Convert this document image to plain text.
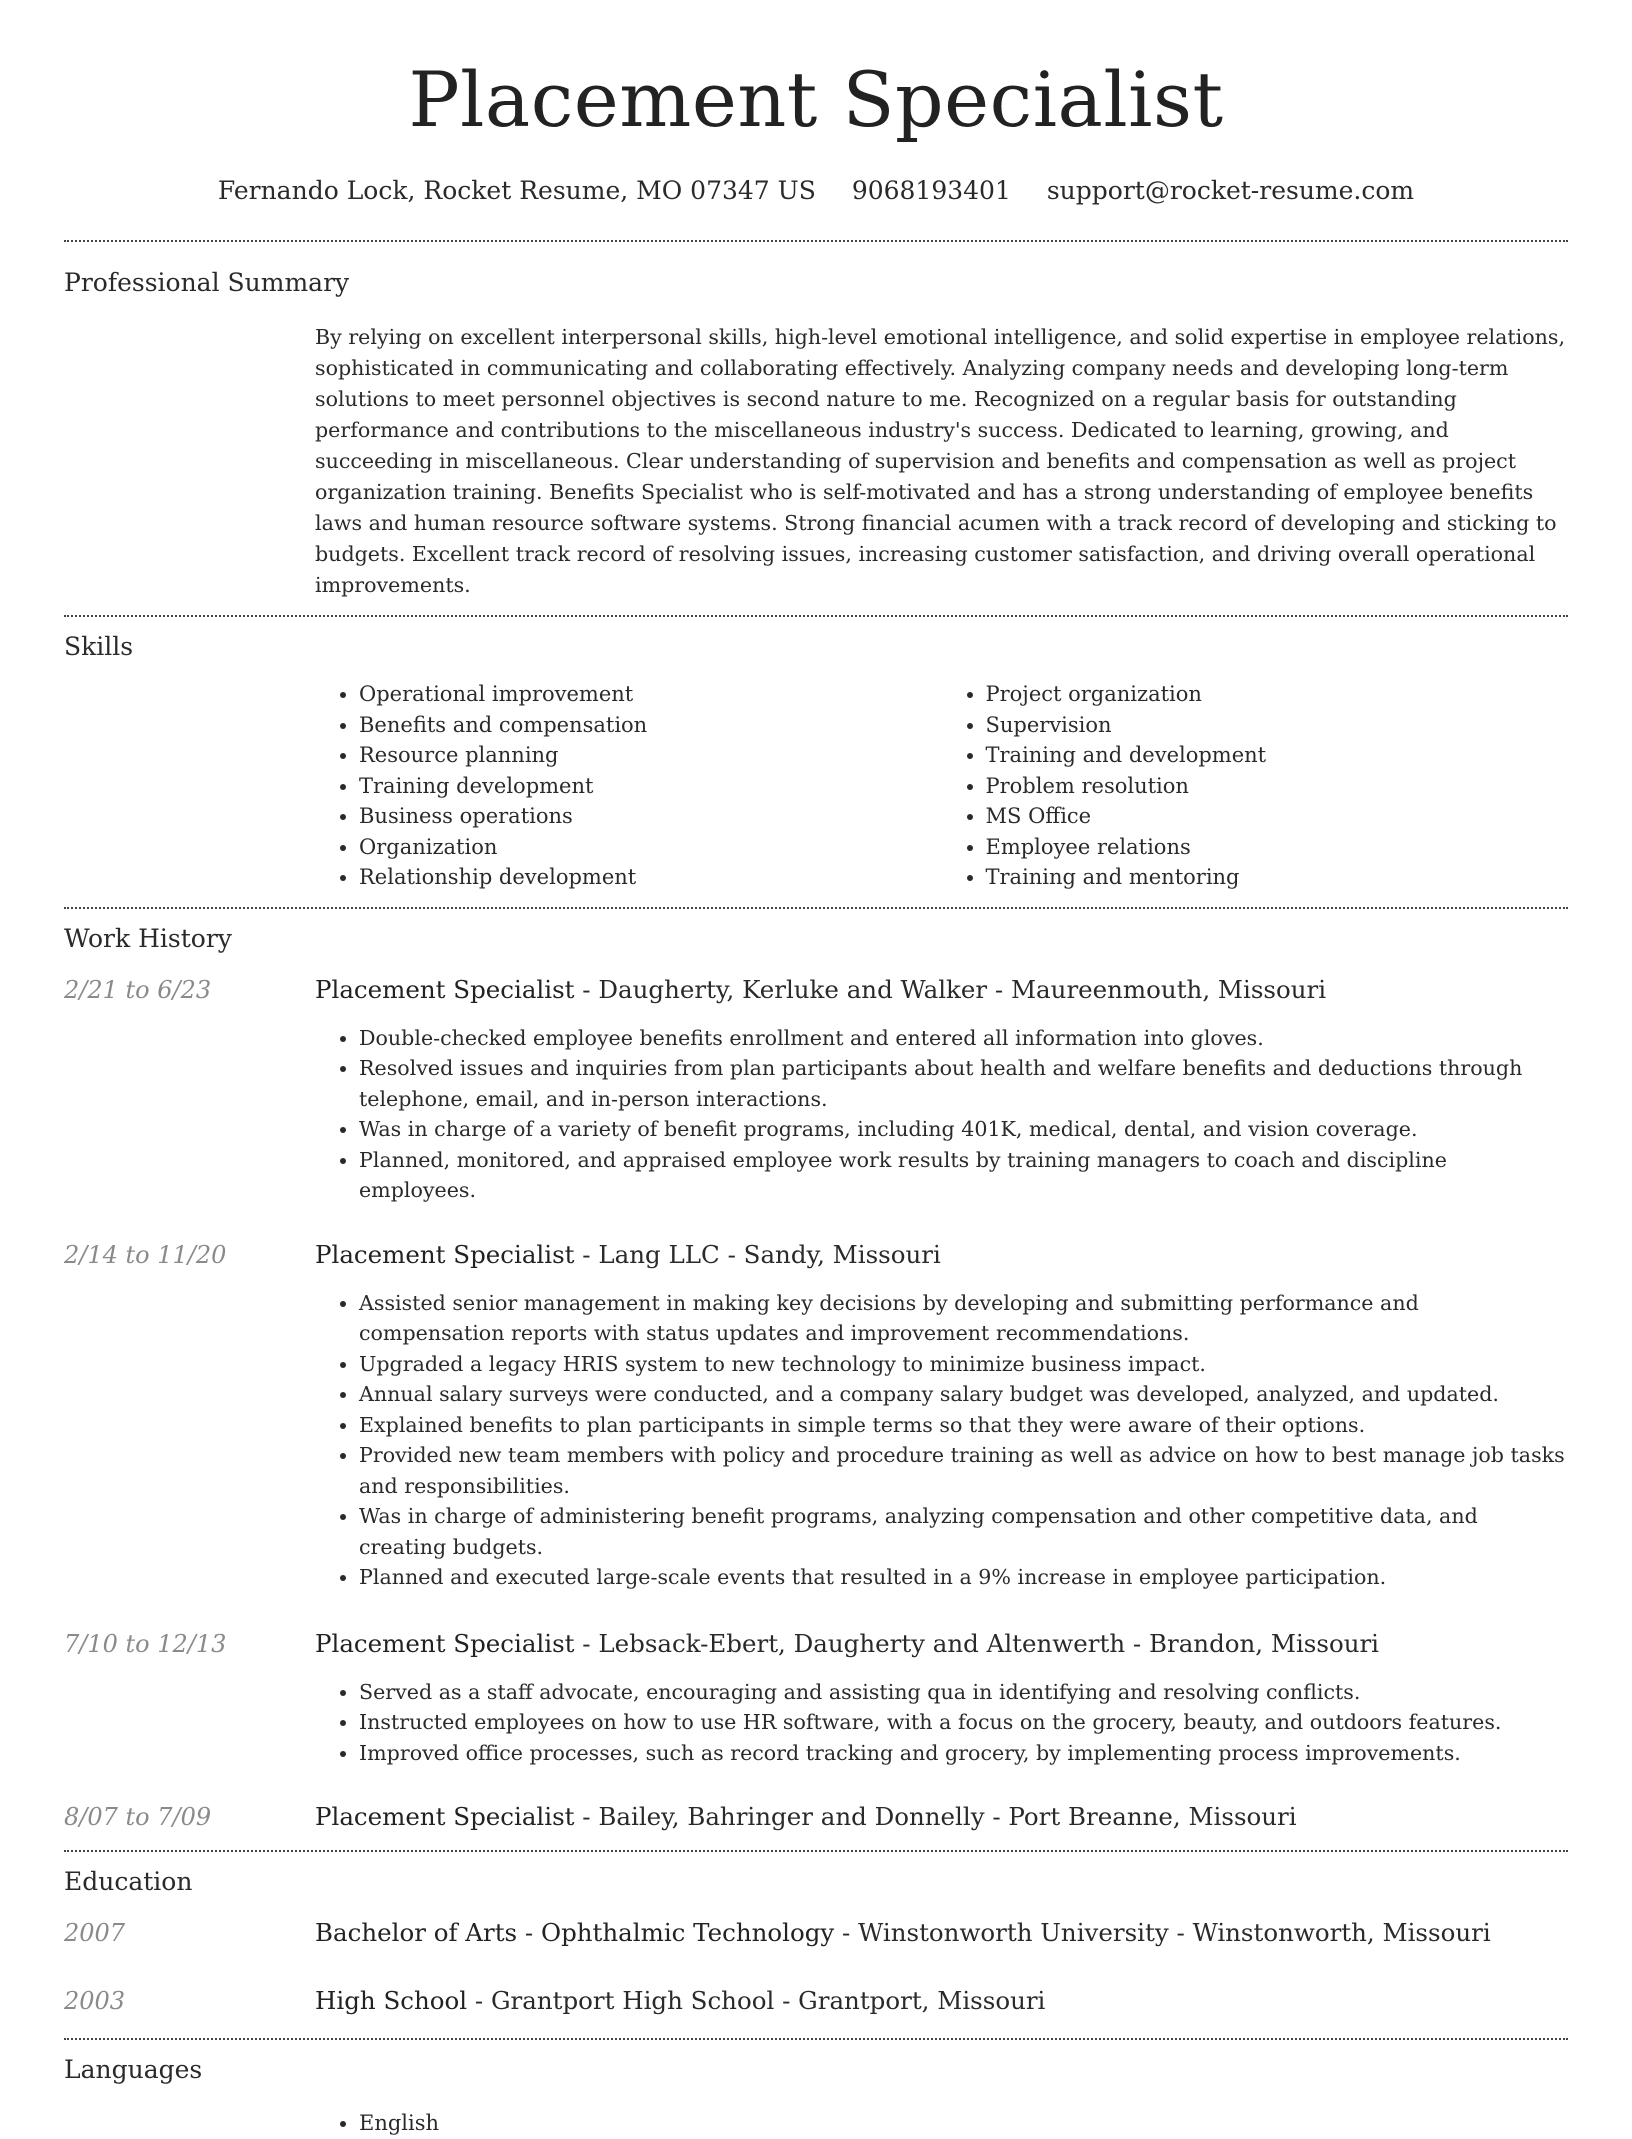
Placement Specialist
Fernando Lock, Rocket Resume, MO 07347 US 9068193401 support@rocket-resume.com
Professional Summary
By relying on excellent interpersonal skills, high-level emotional intelligence, and solid expertise in employee relations, sophisticated in communicating and collaborating effectively. Analyzing company needs and developing long-term solutions to meet personnel objectives is second nature to me. Recognized on a regular basis for outstanding performance and contributions to the miscellaneous industry's success. Dedicated to learning, growing, and succeeding in miscellaneous. Clear understanding of supervision and benefits and compensation as well as project organization training. Benefits Specialist who is self-motivated and has a strong understanding of employee benefits laws and human resource software systems. Strong financial acumen with a track record of developing and sticking to budgets. Excellent track record of resolving issues, increasing customer satisfaction, and driving overall operational improvements.
Skills
• Operational improvement
• Benefits and compensation
• Resource planning
• Training development
• Business operations
• Organization
• Relationship development
• Project organization
• Supervision
• Training and development
• Problem resolution
• MS Office
• Employee relations
• Training and mentoring
Work History
2/21 to 6/23	Placement Specialist - Daugherty, Kerluke and Walker - Maureenmouth, Missouri
• Double-checked employee benefits enrollment and entered all information into gloves.
• Resolved issues and inquiries from plan participants about health and welfare benefits and deductions through telephone, email, and in-person interactions.
• Was in charge of a variety of benefit programs, including 401K, medical, dental, and vision coverage.
• Planned, monitored, and appraised employee work results by training managers to coach and discipline employees.
2/14 to 11/20	Placement Specialist - Lang LLC - Sandy, Missouri
• Assisted senior management in making key decisions by developing and submitting performance and compensation reports with status updates and improvement recommendations.
• Upgraded a legacy HRIS system to new technology to minimize business impact.
• Annual salary surveys were conducted, and a company salary budget was developed, analyzed, and updated.
• Explained benefits to plan participants in simple terms so that they were aware of their options.
• Provided new team members with policy and procedure training as well as advice on how to best manage job tasks and responsibilities.
• Was in charge of administering benefit programs, analyzing compensation and other competitive data, and creating budgets.
• Planned and executed large-scale events that resulted in a 9% increase in employee participation.
7/10 to 12/13	Placement Specialist - Lebsack-Ebert, Daugherty and Altenwerth - Brandon, Missouri
• Served as a staff advocate, encouraging and assisting qua in identifying and resolving conflicts.
• Instructed employees on how to use HR software, with a focus on the grocery, beauty, and outdoors features.
• Improved office processes, such as record tracking and grocery, by implementing process improvements.
8/07 to 7/09	Placement Specialist - Bailey, Bahringer and Donnelly - Port Breanne, Missouri
Education
2007	Bachelor of Arts - Ophthalmic Technology - Winstonworth University - Winstonworth, Missouri
2003	High School - Grantport High School - Grantport, Missouri
Languages
• English
